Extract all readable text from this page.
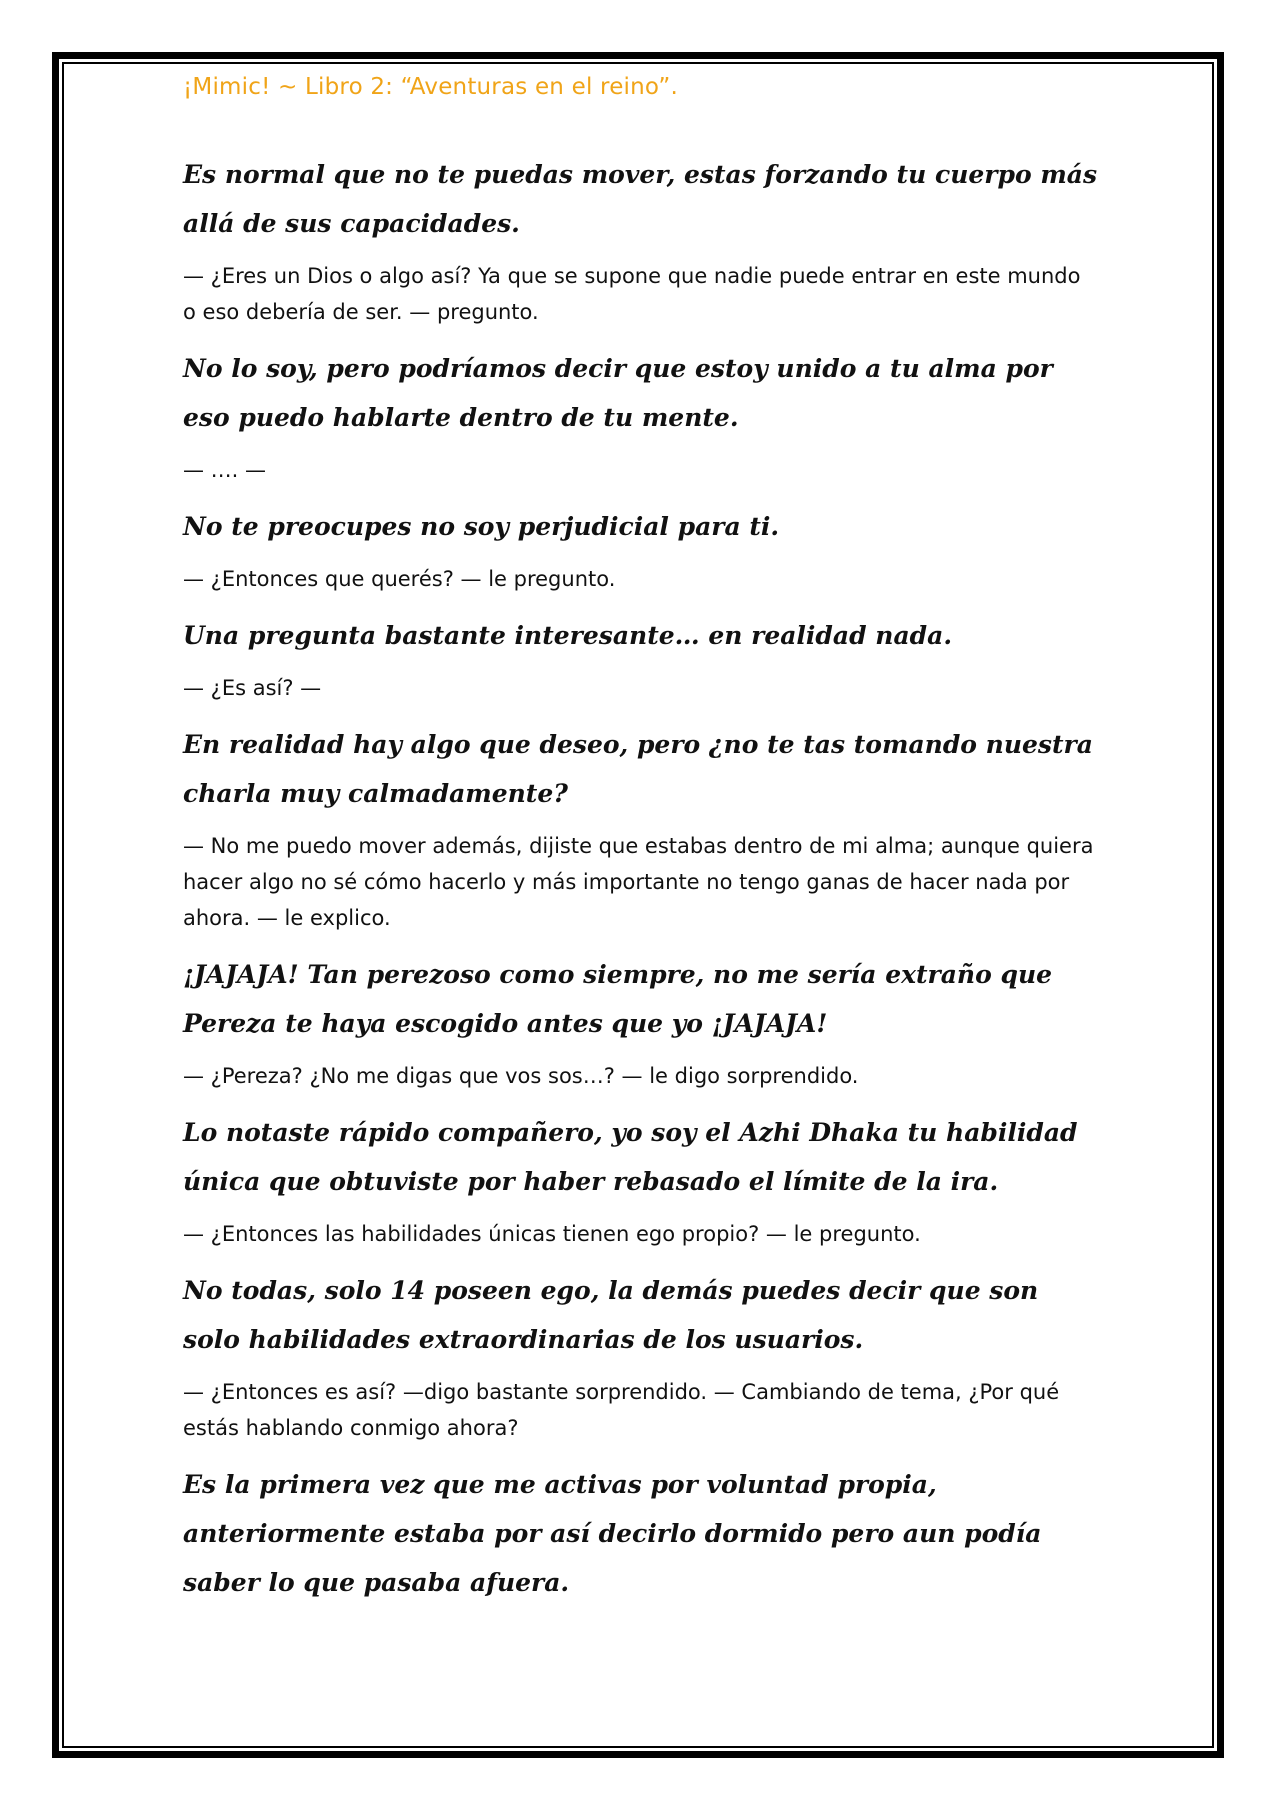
¡Mimic! ~ Libro 2: “Aventuras en el reino”.

Es normal que no te puedas mover, estas forzando tu cuerpo más allá de sus capacidades.

— ¿Eres un Dios o algo así? Ya que se supone que nadie puede entrar en este mundo o eso debería de ser. — pregunto.

No lo soy, pero podríamos decir que estoy unido a tu alma por eso puedo hablarte dentro de tu mente.

— …. —

No te preocupes no soy perjudicial para ti.

— ¿Entonces que querés? — le pregunto.

Una pregunta bastante interesante… en realidad nada.

— ¿Es así? —

En realidad hay algo que deseo, pero ¿no te tas tomando nuestra charla muy calmadamente?

— No me puedo mover además, dijiste que estabas dentro de mi alma; aunque quiera hacer algo no sé cómo hacerlo y más importante no tengo ganas de hacer nada por ahora. — le explico.

¡JAJAJA! Tan perezoso como siempre, no me sería extraño que Pereza te haya escogido antes que yo ¡JAJAJA!

— ¿Pereza? ¿No me digas que vos sos…? — le digo sorprendido.

Lo notaste rápido compañero, yo soy el Azhi Dhaka tu habilidad única que obtuviste por haber rebasado el límite de la ira.

— ¿Entonces las habilidades únicas tienen ego propio? — le pregunto.

No todas, solo 14 poseen ego, la demás puedes decir que son solo habilidades extraordinarias de los usuarios.

— ¿Entonces es así? —digo bastante sorprendido. — Cambiando de tema, ¿Por qué estás hablando conmigo ahora?

Es la primera vez que me activas por voluntad propia, anteriormente estaba por así decirlo dormido pero aun podía saber lo que pasaba afuera.
